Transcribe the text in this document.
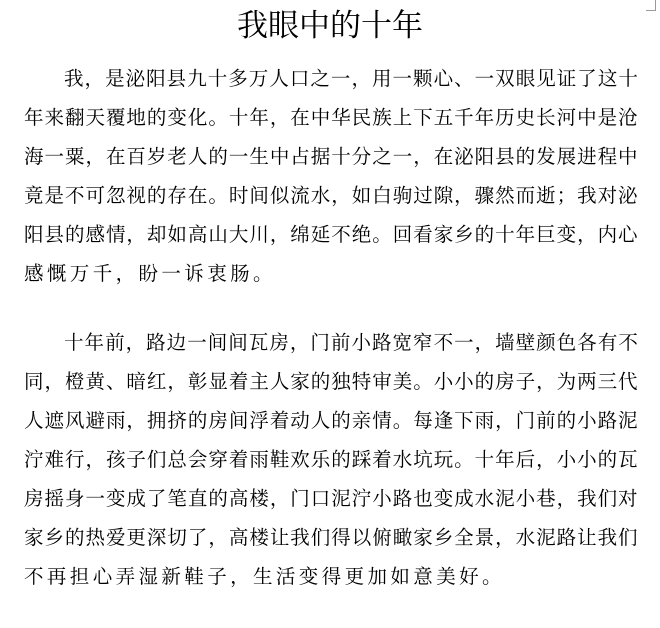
我眼中的十年
我 ， 是 泌 阳 县 九 十 多 万 人 口 之 一 ， 用 一 颗 心 、 一 双 眼 见 证 了 这 十
年 来 翻 天 覆 地 的 变 化 。 十 年 ， 在 中 华 民 族 上 下 五 千 年 历 史 长 河 中 是 沧
海 一 粟 ， 在 百 岁 老 人 的 一 生 中 占 据 十 分 之 一 ， 在 泌 阳 县 的 发 展 进 程 中
竟 是 不 可 忽 视 的 存 在 。 时 间 似 流 水 ， 如 白 驹 过 隙 ， 骤 然 而 逝 ； 我 对 泌
阳 县 的 感 情 ， 却 如 高 山 大 川 ， 绵 延 不 绝 。 回 看 家 乡 的 十 年 巨 变 ， 内 心
感慨万千，盼一诉衷肠。
十 年 前 ， 路 边 一 间 间 瓦 房 ， 门 前 小 路 宽 窄 不 一 ， 墙 壁 颜 色 各 有 不
同 ， 橙 黄 、 暗 红 ， 彰 显 着 主 人 家 的 独 特 审 美 。 小 小 的 房 子 ， 为 两 三 代
人 遮 风 避 雨 ， 拥 挤 的 房 间 浮 着 动 人 的 亲 情 。 每 逢 下 雨 ， 门 前 的 小 路 泥
泞 难 行 ， 孩 子 们 总 会 穿 着 雨 鞋 欢 乐 的 踩 着 水 坑 玩 。 十 年 后 ， 小 小 的 瓦
房 摇 身 一 变 成 了 笔 直 的 高 楼 ， 门 口 泥 泞 小 路 也 变 成 水 泥 小 巷 ， 我 们 对
家 乡 的 热 爱 更 深 切 了 ， 高 楼 让 我 们 得 以 俯 瞰 家 乡 全 景 ， 水 泥 路 让 我 们
不再担心弄湿新鞋子，生活变得更加如意美好。
